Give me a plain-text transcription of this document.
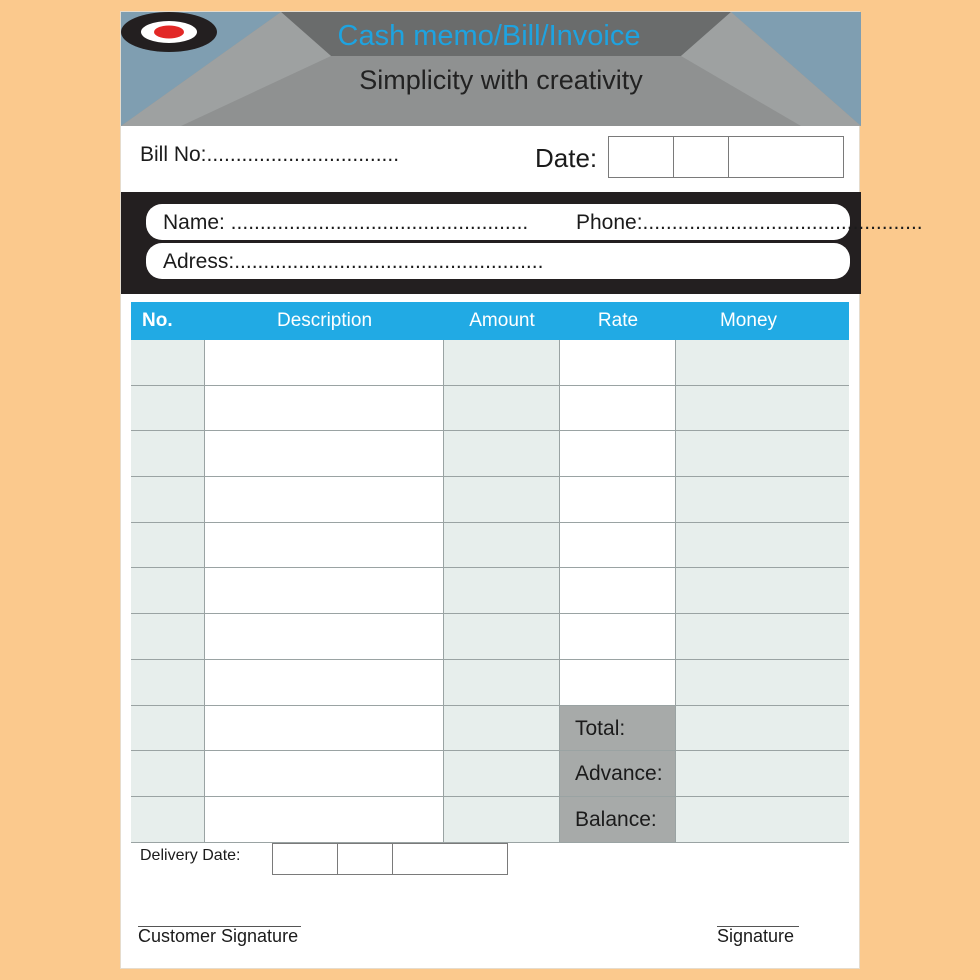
Cash memo/Bill/Invoice
Simplicity with creativity
Bill No:.................................	Date:
Name: ................................................... Phone:................................................
Adress:.....................................................
No.	Description	Amount	Rate	Money
Total:
Advance:
Balance:
Delivery Date:
Customer Signature	Signature
